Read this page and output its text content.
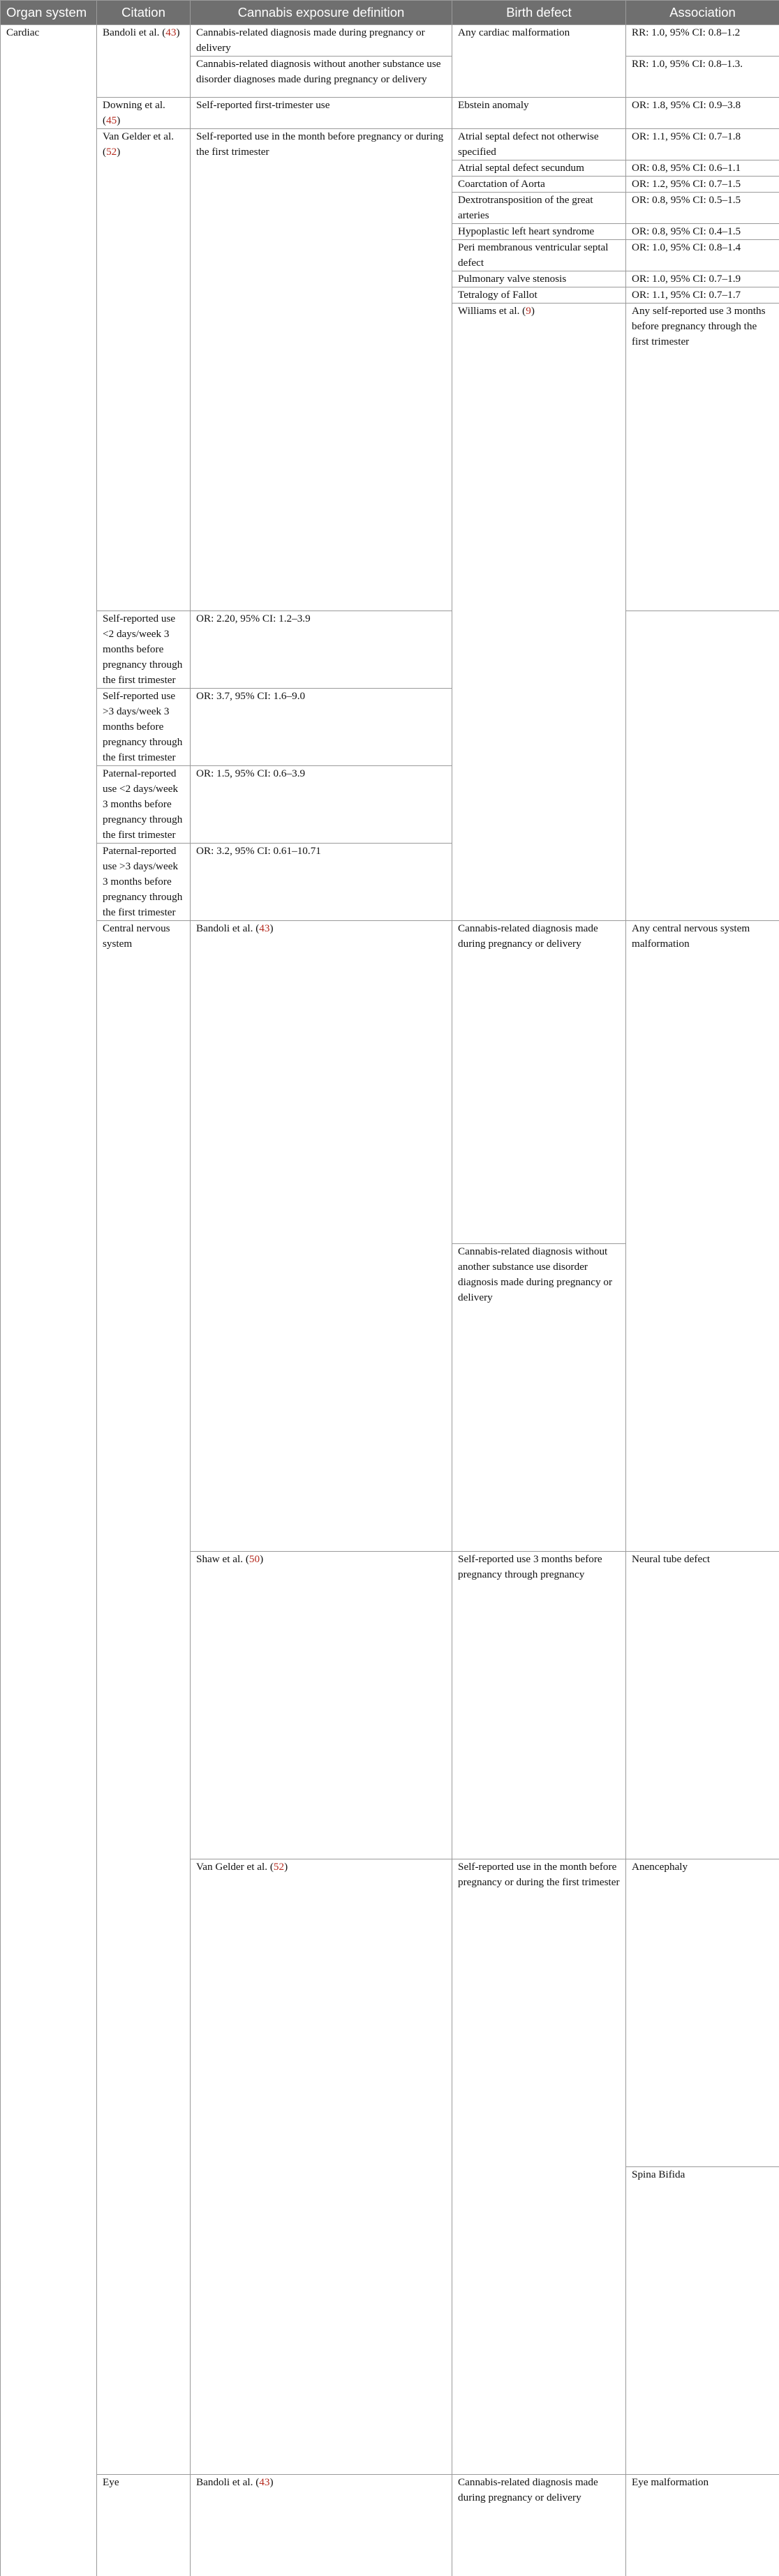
Organ system	Citation	Cannabis exposure definition	Birth defect	Association	

Cardiac	Bandoli et al. (43)	Cannabis-related diagnosis made during pregnancy or delivery	Any cardiac malformation	RR: 1.0, 95% CI: 0.8–1.2	

		Cannabis-related diagnosis without another substance use disorder diagnoses made during pregnancy or delivery		RR: 1.0, 95% CI: 0.8–1.3.	

	Downing et al. (45)	Self-reported first-trimester use	Ebstein anomaly	OR: 1.8, 95% CI: 0.9–3.8	

	Van Gelder et al. (52)	Self-reported use in the month before pregnancy or during the first trimester	Atrial septal defect not otherwise specified	OR: 1.1, 95% CI: 0.7–1.8	

			Atrial septal defect secundum	OR: 0.8, 95% CI: 0.6–1.1	

			Coarctation of Aorta	OR: 1.2, 95% CI: 0.7–1.5	

			Dextrotransposition of the great arteries	OR: 0.8, 95% CI: 0.5–1.5	

			Hypoplastic left heart syndrome	OR: 0.8, 95% CI: 0.4–1.5	

			Peri membranous ventricular septal defect	OR: 1.0, 95% CI: 0.8–1.4	

			Pulmonary valve stenosis	OR: 1.0, 95% CI: 0.7–1.9	

			Tetralogy of Fallot	OR: 1.1, 95% CI: 0.7–1.7	

			Williams et al. (9)	Any self-reported use 3 months before pregnancy through the first trimester

	Self-reported use <2 days/week 3 months before pregnancy through the first trimester	OR: 2.20, 95% CI: 1.2–3.9			

	Self-reported use >3 days/week 3 months before pregnancy through the first trimester	OR: 3.7, 95% CI: 1.6–9.0			

	Paternal-reported use <2 days/week 3 months before pregnancy through the first trimester	OR: 1.5, 95% CI: 0.6–3.9			

	Paternal-reported use >3 days/week 3 months before pregnancy through the first trimester	OR: 3.2, 95% CI: 0.61–10.71			

	Central nervous system	Bandoli et al. (43)	Cannabis-related diagnosis made during pregnancy or delivery	Any central nervous system malformation

			Cannabis-related diagnosis without another substance use disorder diagnosis made during pregnancy or delivery

		Shaw et al. (50)	Self-reported use 3 months before pregnancy through pregnancy	Neural tube defect

		Van Gelder et al. (52)	Self-reported use in the month before pregnancy or during the first trimester	Anencephaly

				Spina Bifida

	Eye	Bandoli et al. (43)	Cannabis-related diagnosis made during pregnancy or delivery	Eye malformation
